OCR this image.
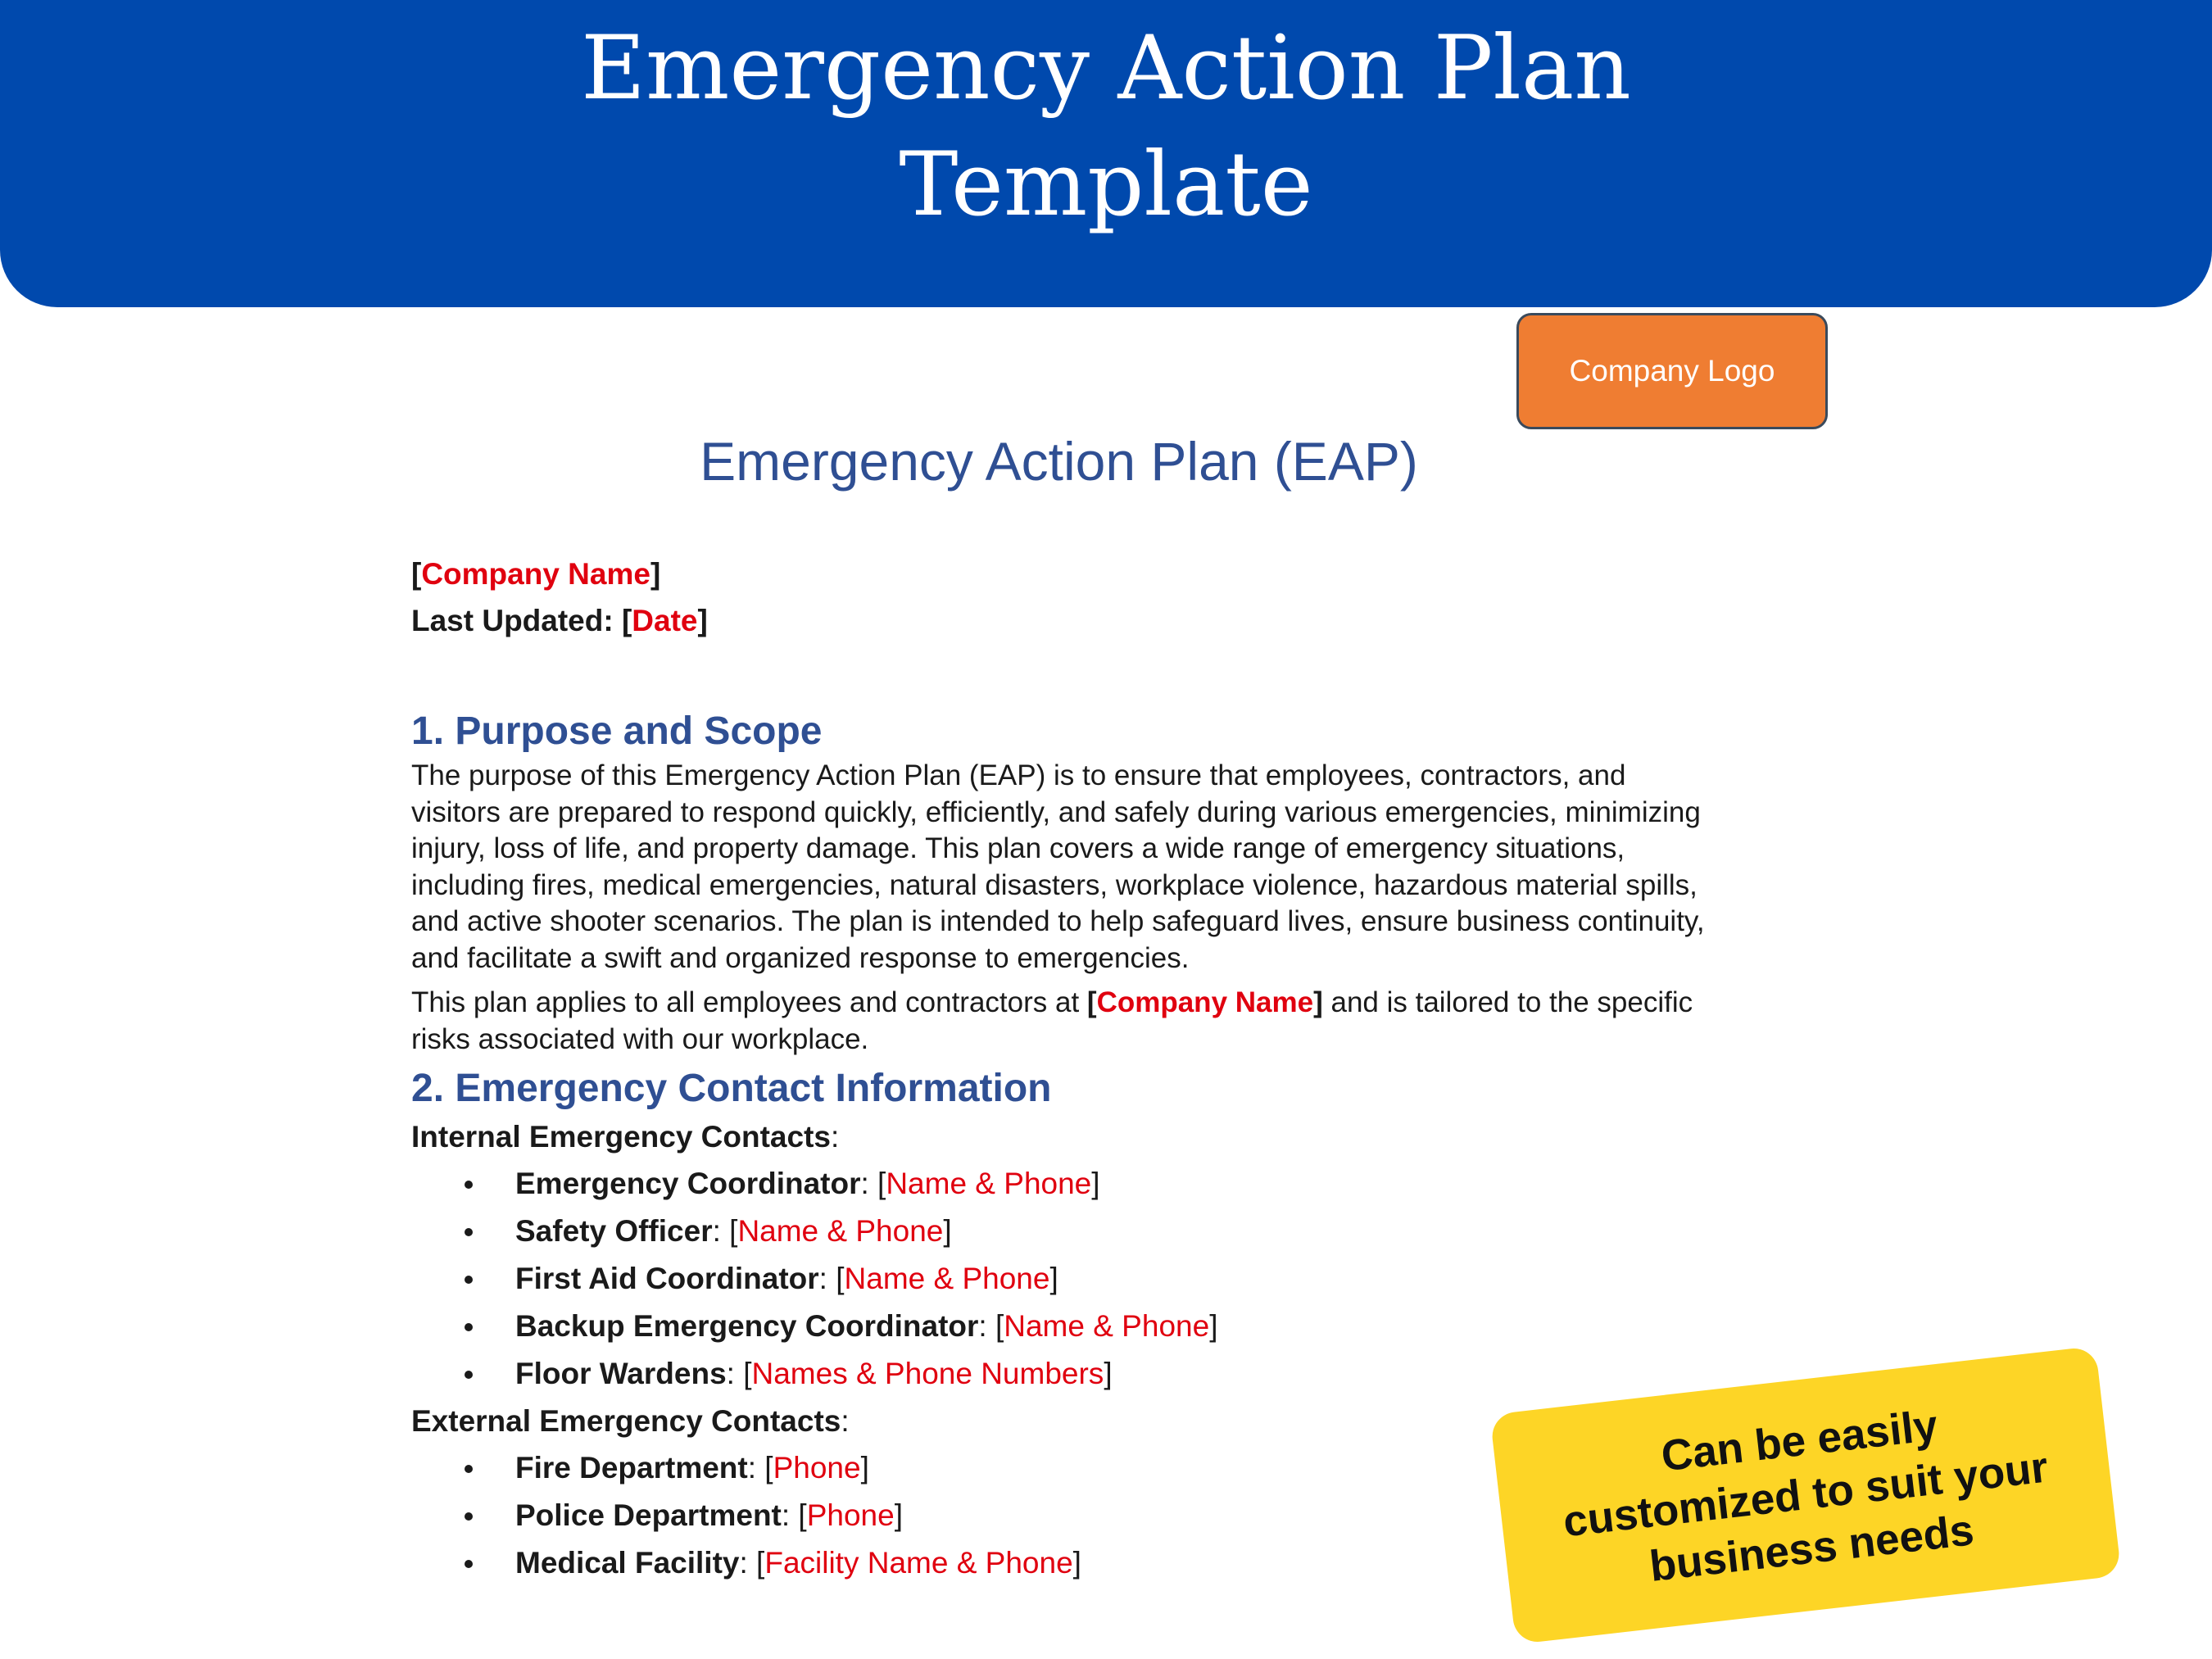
Emergency Action Plan
Template
Company Logo
Emergency Action Plan (EAP)

[Company Name]

Last Updated: [Date]

1. Purpose and Scope

The purpose of this Emergency Action Plan (EAP) is to ensure that employees, contractors, and visitors are prepared to respond quickly, efficiently, and safely during various emergencies, minimizing injury, loss of life, and property damage. This plan covers a wide range of emergency situations, including fires, medical emergencies, natural disasters, workplace violence, hazardous material spills, and active shooter scenarios. The plan is intended to help safeguard lives, ensure business continuity, and facilitate a swift and organized response to emergencies.

This plan applies to all employees and contractors at [Company Name] and is tailored to the specific risks associated with our workplace.

2. Emergency Contact Information

Internal Emergency Contacts:

Emergency Coordinator: [Name & Phone]
Safety Officer: [Name & Phone]
First Aid Coordinator: [Name & Phone]
Backup Emergency Coordinator: [Name & Phone]
Floor Wardens: [Names & Phone Numbers]

External Emergency Contacts:

Fire Department: [Phone]
Police Department: [Phone]
Medical Facility: [Facility Name & Phone]
Can be easily customized to suit your business needs
